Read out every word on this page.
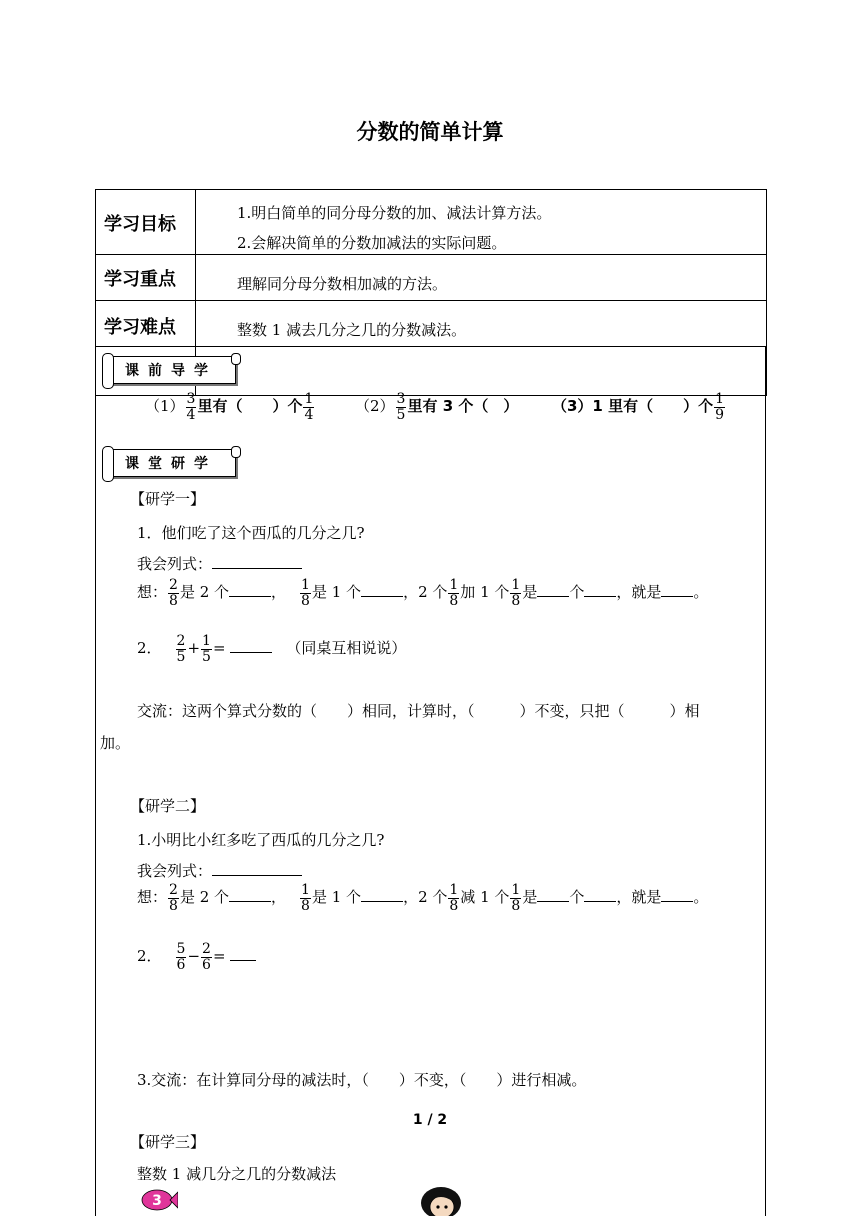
分数的简单计算
学习目标
1.明白简单的同分母分数的加、减法计算方法。
2.会解决简单的分数加减法的实际问题。
学习重点	理解同分母分数相加减的方法。
学习难点	整数 1 减去几分之几的分数减法。
课前导学
$(1) \frac{3}{4}$ 里有（　　）个 $\frac{1}{4}$	$(2) \frac{3}{5}$ 里有 3 个（　） （3）1 里有（　　）个 $\frac{1}{9}$
课堂研学
【研学一】
1．他们吃了这个西瓜的几分之几?
我会列式：
想： $\frac{2}{8}$ 是 2 个	， $\frac{1}{8}$ 是 1 个	，2 个 $\frac{1}{8}$ 加 1 个 $\frac{1}{8}$ 是 个 ，就是 。
2． $\frac{2}{5} + \frac{1}{5}$ =	（同桌互相说说）
交流：这两个算式分数的（　　）相同，计算时，（　　　）不变，只把（　　　）相
加。
【研学二】
1.小明比小红多吃了西瓜的几分之几?
我会列式：
想： $\frac{2}{8}$ 是 2 个	， $\frac{1}{8}$ 是 1 个	，2 个 $\frac{1}{8}$ 减 1 个 $\frac{1}{8}$ 是 个 ，就是 。
2． $\frac{5}{6} - \frac{2}{6}$ =
3.交流：在计算同分母的减法时，（　　）不变，（　　）进行相减。
1 / 2
【研学三】
整数 1 减几分之几的分数减法
3
